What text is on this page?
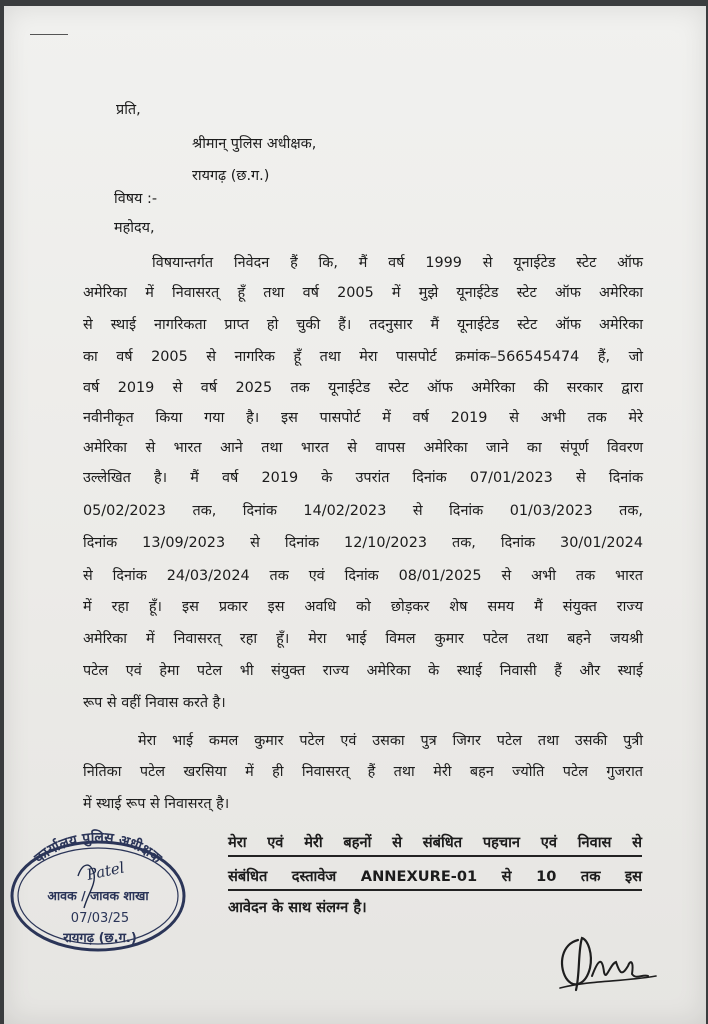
प्रति,
श्रीमान् पुलिस अधीक्षक,
रायगढ़ (छ.ग.)
विषय :-
महोदय,
विषयान्तर्गत निवेदन हैं कि, मैं वर्ष 1999 से यूनाईटेड स्टेट ऑफ
अमेरिका में निवासरत् हूँ तथा वर्ष 2005 में मुझे यूनाईटेड स्टेट ऑफ अमेरिका
से स्थाई नागरिकता प्राप्त हो चुकी हैं। तदनुसार मैं यूनाईटेड स्टेट ऑफ अमेरिका
का वर्ष 2005 से नागरिक हूँ तथा मेरा पासपोर्ट क्रमांक–566545474 हैं, जो
वर्ष 2019 से वर्ष 2025 तक यूनाईटेड स्टेट ऑफ अमेरिका की सरकार द्वारा
नवीनीकृत किया गया है। इस पासपोर्ट में वर्ष 2019 से अभी तक मेरे
अमेरिका से भारत आने तथा भारत से वापस अमेरिका जाने का संपूर्ण विवरण
उल्लेखित है। मैं वर्ष 2019 के उपरांत दिनांक 07/01/2023 से दिनांक
05/02/2023 तक, दिनांक 14/02/2023 से दिनांक 01/03/2023 तक,
दिनांक 13/09/2023 से दिनांक 12/10/2023 तक, दिनांक 30/01/2024
से दिनांक 24/03/2024 तक एवं दिनांक 08/01/2025 से अभी तक भारत
में रहा हूँ। इस प्रकार इस अवधि को छोड़कर शेष समय मैं संयुक्त राज्य
अमेरिका में निवासरत् रहा हूँ। मेरा भाई विमल कुमार पटेल तथा बहने जयश्री
पटेल एवं हेमा पटेल भी संयुक्त राज्य अमेरिका के स्थाई निवासी हैं और स्थाई
रूप से वहीं निवास करते है।
मेरा भाई कमल कुमार पटेल एवं उसका पुत्र जिगर पटेल तथा उसकी पुत्री
नितिका पटेल खरसिया में ही निवासरत् हैं तथा मेरी बहन ज्योति पटेल गुजरात
में स्थाई रूप से निवासरत् है।
मेरा एवं मेरी बहनों से संबंधित पहचान एवं निवास से
संबंधित दस्तावेज ANNEXURE-01 से 10 तक इस
आवेदन के साथ संलग्न है।
कार्यालय पुलिस अधीक्षक
आवक / जावक शाखा
07/03/25
रायगढ़ (छ.ग.)
Patel
